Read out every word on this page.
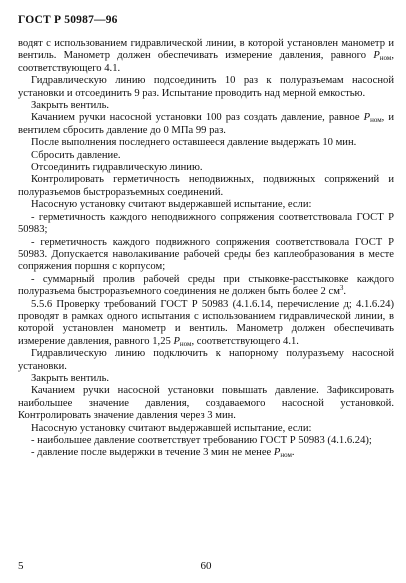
ГОСТ Р 50987—96

водят с использованием гидравлической линии, в которой установлен манометр и вентиль. Манометр должен обеспечивать измерение давления, равного $P_{ном}$, соответствующего 4.1.

Гидравлическую линию подсоединить 10 раз к полуразъемам насосной установки и отсоединить 9 раз. Испытание проводить над мерной емкостью.

Закрыть вентиль.

Качанием ручки насосной установки 100 раз создать давление, равное $P_{ном}$, и вентилем сбросить давление до 0 МПа 99 раз.

После выполнения последнего оставшееся давление выдержать 10 мин.

Сбросить давление.

Отсоединить гидравлическую линию.

Контролировать герметичность неподвижных, подвижных сопряжений и полуразъемов быстроразъемных соединений.

Насосную установку считают выдержавшей испытание, если:

- герметичность каждого неподвижного сопряжения соответствовала ГОСТ Р 50983;

- герметичность каждого подвижного сопряжения соответствовала ГОСТ Р 50983. Допускается наволакивание рабочей среды без каплеобразования в месте сопряжения поршня с корпусом;

- суммарный пролив рабочей среды при стыковке-расстыковке каждого полуразъема быстроразъемного соединения не должен быть более 2 $см^3$.

5.5.6 Проверку требований ГОСТ Р 50983 (4.1.6.14, перечисление д; 4.1.6.24) проводят в рамках одного испытания с использованием гидравлической линии, в которой установлен манометр и вентиль. Манометр должен обеспечивать измерение давления, равного 1,25 $P_{ном}$, соответствующего 4.1.

Гидравлическую линию подключить к напорному полуразъему насосной установки.

Закрыть вентиль.

Качанием ручки насосной установки повышать давление. Зафиксировать наибольшее значение давления, создаваемого насосной установкой. Контролировать значение давления через 3 мин.

Насосную установку считают выдержавшей испытание, если:

- наибольшее давление соответствует требованию ГОСТ Р 50983 (4.1.6.24);

- давление после выдержки в течение 3 мин не менее $P_{ном}$.

60
5
